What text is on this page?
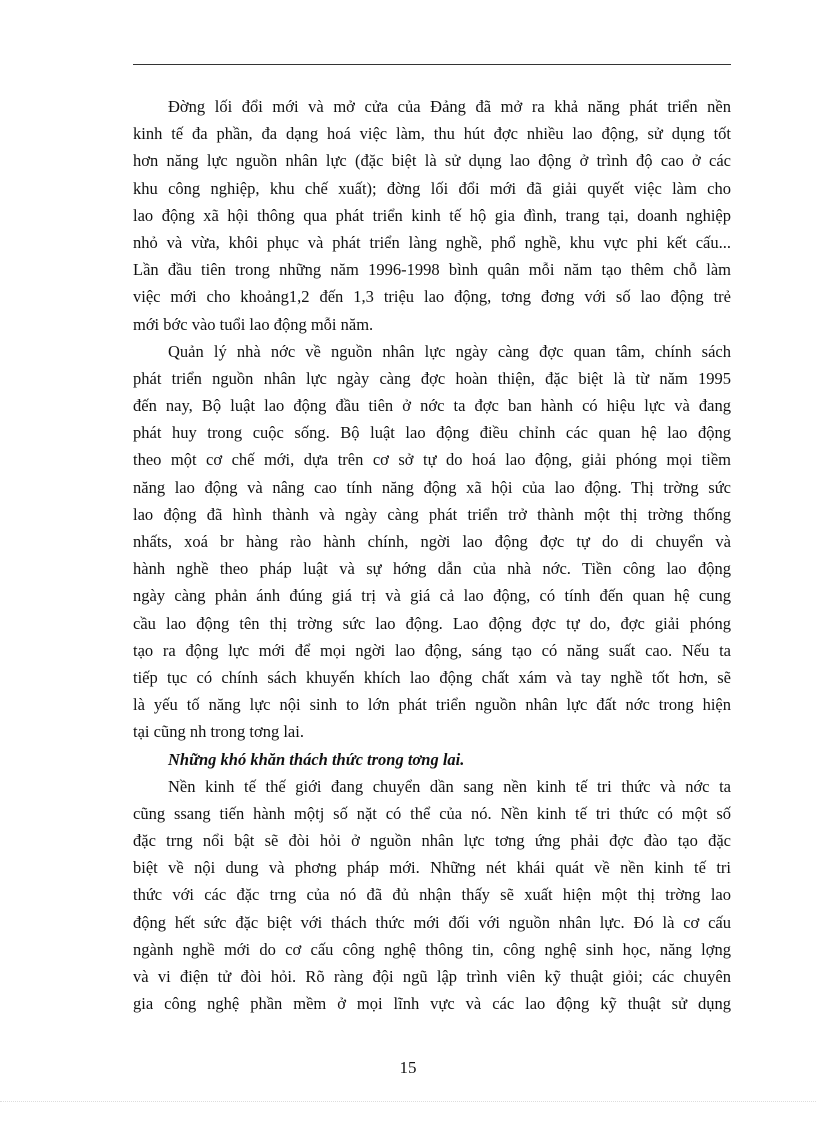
Đờng lối đổi mới và mở cửa của Đảng đã mở ra khả năng phát triển nền
kinh tế đa phần, đa dạng hoá việc làm, thu hút đợc nhiều lao động, sử dụng tốt
hơn năng lực nguồn nhân lực (đặc biệt là sử dụng lao động ở trình độ cao ở các
khu công nghiệp, khu chế xuất); đờng lối đổi mới đã giải quyết việc làm cho
lao động xã hội thông qua phát triển kinh tế hộ gia đình, trang tại, doanh nghiệp
nhỏ và vừa, khôi phục và phát triển làng nghề, phổ nghề, khu vực phi kết cấu...
Lần đầu tiên trong những năm 1996-1998 bình quân mỗi năm tạo thêm chỗ làm
việc mới cho khoảng1,2 đến 1,3 triệu lao động, tơng đơng với số lao động trẻ
mới bớc vào tuổi lao động mỗi năm.
Quản lý nhà nớc về nguồn nhân lực ngày càng đợc quan tâm, chính sách
phát triển nguồn nhân lực ngày càng đợc hoàn thiện, đặc biệt là từ năm 1995
đến nay, Bộ luật lao động đầu tiên ở nớc ta đợc ban hành có hiệu lực và đang
phát huy trong cuộc sống. Bộ luật lao động điều chỉnh các quan hệ lao động
theo một cơ chế mới, dựa trên cơ sở tự do hoá lao động, giải phóng mọi tiềm
năng lao động và nâng cao tính năng động xã hội của lao động. Thị trờng sức
lao động đã hình thành và ngày càng phát triển trở thành một thị trờng thống
nhấts, xoá br hàng rào hành chính, ngời lao động đợc tự do di chuyển và
hành nghề theo pháp luật và sự hớng dẫn của nhà nớc. Tiền công lao động
ngày càng phản ánh đúng giá trị và giá cả lao động, có tính đến quan hệ cung
cầu lao động tên thị trờng sức lao động. Lao động đợc tự do, đợc giải phóng
tạo ra động lực mới để mọi ngời lao động, sáng tạo có năng suất cao. Nếu ta
tiếp tục có chính sách khuyến khích lao động chất xám và tay nghề tốt hơn, sẽ
là yếu tố năng lực nội sinh to lớn phát triển nguồn nhân lực đất nớc trong hiện
tại cũng nh trong tơng lai.
Những khó khăn thách thức trong tơng lai.
Nền kinh tế thế giới đang chuyển dần sang nền kinh tế tri thức và nớc ta
cũng ssang tiến hành mộtj số nặt có thể của nó. Nền kinh tế tri thức có một số
đặc trng nổi bật sẽ đòi hỏi ở nguồn nhân lực tơng ứng phải đợc đào tạo đặc
biệt về nội dung và phơng pháp mới. Những nét khái quát về nền kinh tế tri
thức với các đặc trng của nó đã đủ nhận thấy sẽ xuất hiện một thị trờng lao
động hết sức đặc biệt với thách thức mới đối với nguồn nhân lực. Đó là cơ cấu
ngành nghề mới do cơ cấu công nghệ thông tin, công nghệ sinh học, năng lợng
và vi điện tử đòi hỏi. Rõ ràng đội ngũ lập trình viên kỹ thuật giỏi; các chuyên
gia công nghệ phần mềm ở mọi lĩnh vực và các lao động kỹ thuật sử dụng
15
